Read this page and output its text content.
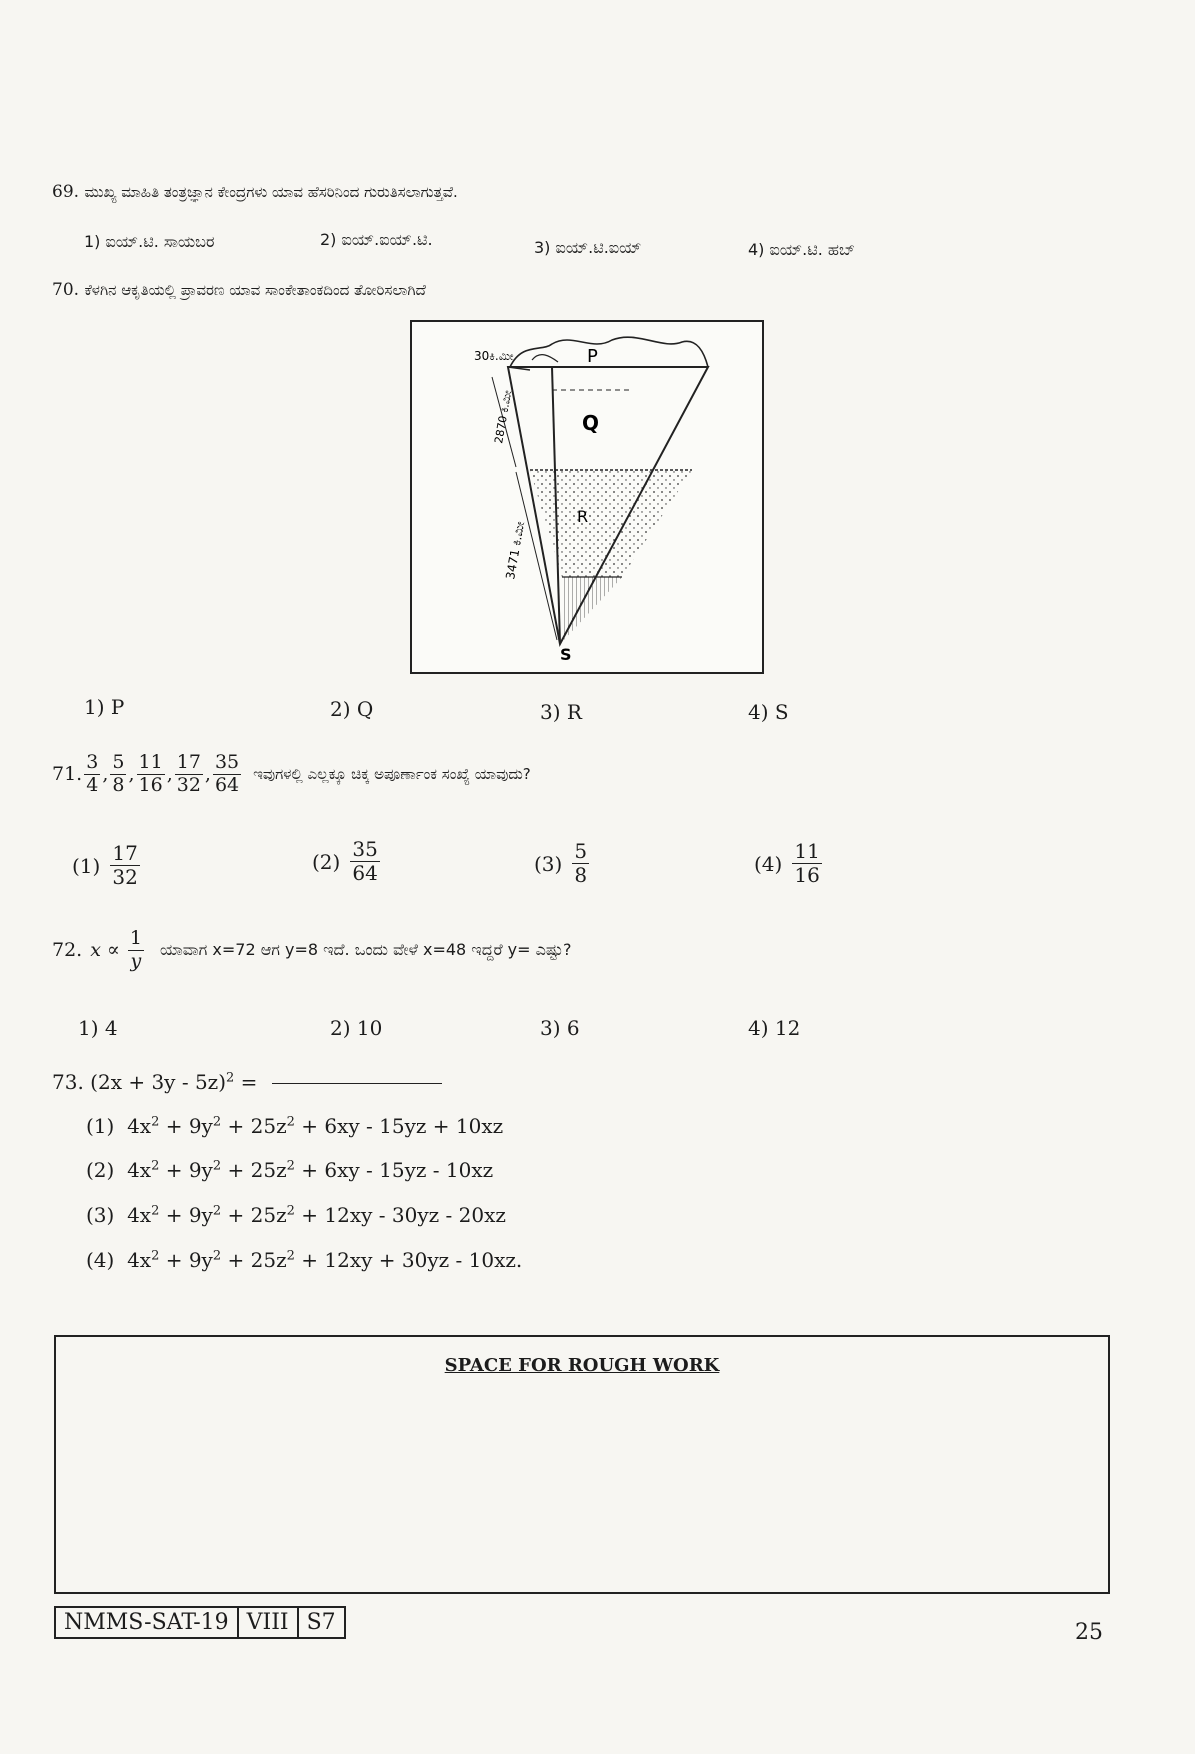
69. ಮುಖ್ಯ ಮಾಹಿತಿ ತಂತ್ರಜ್ಞಾನ ಕೇಂದ್ರಗಳು ಯಾವ ಹೆಸರಿನಿಂದ ಗುರುತಿಸಲಾಗುತ್ತವೆ.
1) ಐಯ್.ಟಿ. ಸಾಯಬರ	2) ಐಯ್.ಐಯ್.ಟಿ.	3) ಐಯ್.ಟಿ.ಐಯ್	4) ಐಯ್.ಟಿ. ಹಬ್
70. ಕೆಳಗಿನ ಆಕೃತಿಯಲ್ಲಿ ಪ್ರಾವರಣ ಯಾವ ಸಾಂಕೇತಾಂಕದಿಂದ ತೋರಿಸಲಾಗಿದೆ
P
Q
R
S
30ಕಿ.ಮೀ
2870 ಕಿ.ಮೀ
3471 ಕಿ.ಮೀ
1) P	2) Q	3) R	4) S
71. $\frac{3}{4}$ , $\frac{5}{8}$ , $\frac{11}{16}$ , $\frac{17}{32}$ , $\frac{35}{64}$ ಇವುಗಳಲ್ಲಿ ಎಲ್ಲಕ್ಕೂ ಚಿಕ್ಕ ಅಪೂರ್ಣಾಂಕ ಸಂಖ್ಯೆ ಯಾವುದು?
$(1) \frac{17}{32}$	$(2) \frac{35}{64}$	$(3) \frac{5}{8}$	$(4) \frac{11}{16}$
72. $x \propto \frac{1}{y}$ ಯಾವಾಗ x=72 ಆಗ y=8 ಇದೆ. ಒಂದು ವೇಳೆ x=48 ಇದ್ದರೆ y= ಎಷ್ಟು?
1) 4	2) 10	3) 6	4) 12
73. $(2x + 3y - 5z)^2$ =
(1) $4x^2 + 9y^2 + 25z^2 + 6xy - 15yz + 10xz$
(2) $4x^2 + 9y^2 + 25z^2 + 6xy - 15yz - 10xz$
(3) $4x^2 + 9y^2 + 25z^2 + 12xy - 30yz - 20xz$
(4) $4x^2 + 9y^2 + 25z^2 + 12xy + 30yz - 10xz$.
SPACE FOR ROUGH WORK
NMMS-SAT-19 VIII S7	25
